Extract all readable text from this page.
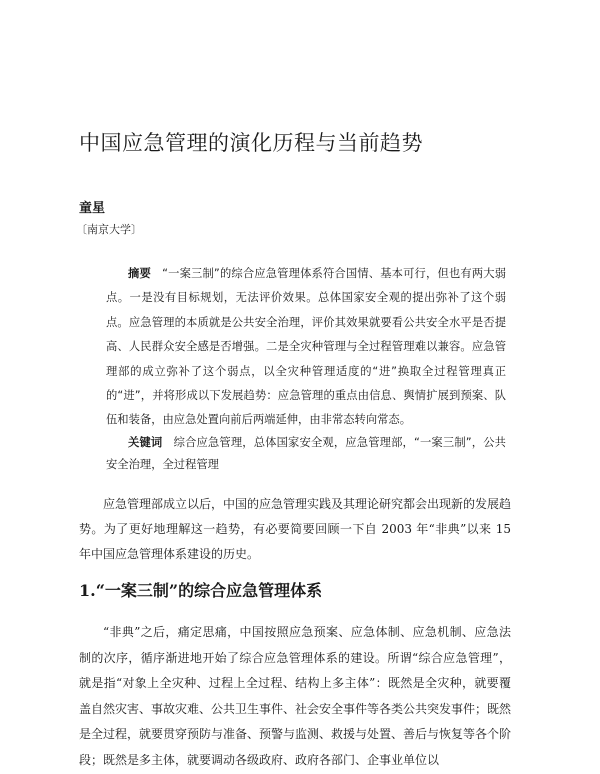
中国应急管理的演化历程与当前趋势
童星
〔南京大学〕
摘要 “一案三制”的综合应急管理体系符合国情、基本可行，但也有两大弱点。一是没有目标规划，无法评价效果。总体国家安全观的提出弥补了这个弱点。应急管理的本质就是公共安全治理，评价其效果就要看公共安全水平是否提高、人民群众安全感是否增强。二是全灾种管理与全过程管理难以兼容。应急管理部的成立弥补了这个弱点，以全灾种管理适度的“进”换取全过程管理真正的“进”，并将形成以下发展趋势：应急管理的重点由信息、舆情扩展到预案、队伍和装备，由应急处置向前后两端延伸，由非常态转向常态。
关键词 综合应急管理，总体国家安全观，应急管理部，“一案三制”，公共安全治理，全过程管理
应急管理部成立以后，中国的应急管理实践及其理论研究都会出现新的发展趋势。为了更好地理解这一趋势，有必要简要回顾一下自 2003 年“非典”以来 15 年中国应急管理体系建设的历史。
1.“一案三制”的综合应急管理体系
“非典”之后，痛定思痛，中国按照应急预案、应急体制、应急机制、应急法制的次序，循序渐进地开始了综合应急管理体系的建设。所谓“综合应急管理”，就是指“对象上全灾种、过程上全过程、结构上多主体”：既然是全灾种，就要覆盖自然灾害、事故灾难、公共卫生事件、社会安全事件等各类公共突发事件；既然是全过程，就要贯穿预防与准备、预警与监测、救援与处置、善后与恢复等各个阶段；既然是多主体，就要调动各级政府、政府各部门、企事业单位以
